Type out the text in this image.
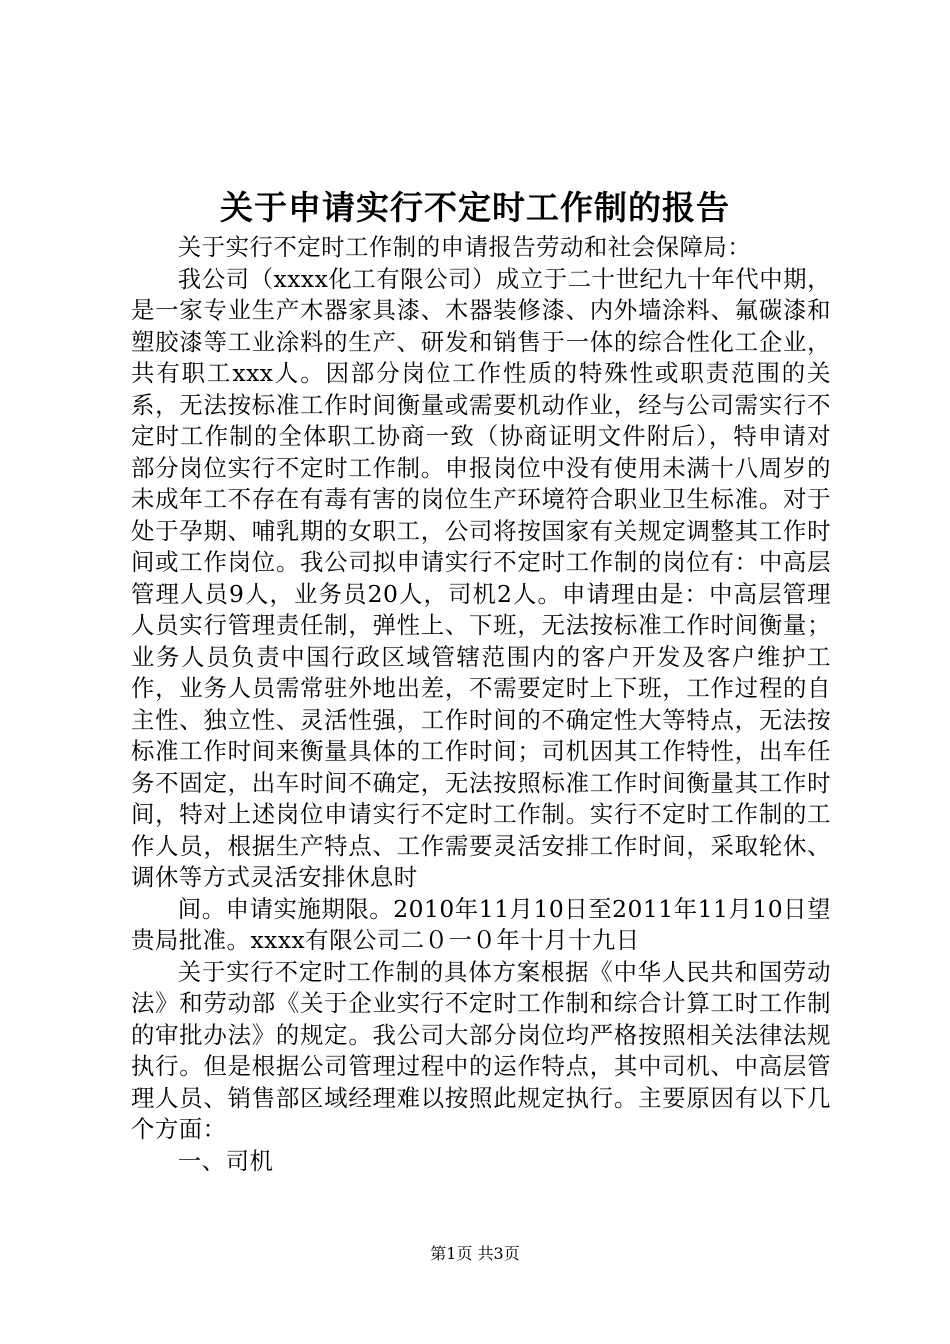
关于申请实行不定时工作制的报告

关于实行不定时工作制的申请报告劳动和社会保障局：

我公司（xxxx化工有限公司）成立于二十世纪九十年代中期，是一家专业生产木器家具漆、木器装修漆、内外墙涂料、氟碳漆和塑胶漆等工业涂料的生产、研发和销售于一体的综合性化工企业，共有职工xxx人。因部分岗位工作性质的特殊性或职责范围的关系，无法按标准工作时间衡量或需要机动作业，经与公司需实行不定时工作制的全体职工协商一致（协商证明文件附后），特申请对部分岗位实行不定时工作制。申报岗位中没有使用未满十八周岁的未成年工不存在有毒有害的岗位生产环境符合职业卫生标准。对于处于孕期、哺乳期的女职工，公司将按国家有关规定调整其工作时间或工作岗位。我公司拟申请实行不定时工作制的岗位有：中高层管理人员9人，业务员20人，司机2人。申请理由是：中高层管理人员实行管理责任制，弹性上、下班，无法按标准工作时间衡量；业务人员负责中国行政区域管辖范围内的客户开发及客户维护工作，业务人员需常驻外地出差，不需要定时上下班，工作过程的自主性、独立性、灵活性强，工作时间的不确定性大等特点，无法按标准工作时间来衡量具体的工作时间；司机因其工作特性，出车任务不固定，出车时间不确定，无法按照标准工作时间衡量其工作时间，特对上述岗位申请实行不定时工作制。实行不定时工作制的工作人员，根据生产特点、工作需要灵活安排工作时间，采取轮休、调休等方式灵活安排休息时

间。申请实施期限。2010年11月10日至2011年11月10日望贵局批准。xxxx有限公司二０一０年十月十九日

关于实行不定时工作制的具体方案根据《中华人民共和国劳动法》和劳动部《关于企业实行不定时工作制和综合计算工时工作制的审批办法》的规定。我公司大部分岗位均严格按照相关法律法规执行。但是根据公司管理过程中的运作特点，其中司机、中高层管理人员、销售部区域经理难以按照此规定执行。主要原因有以下几个方面：

一、司机

第1页 共3页
